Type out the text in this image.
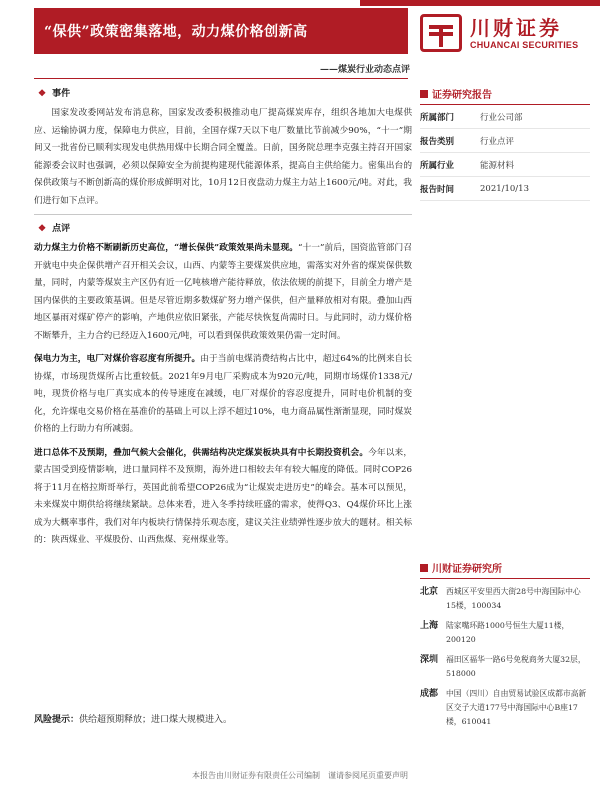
“保供”政策密集落地，动力煤价格创新高	川财证券
CHUANCAI SECURITIES
——煤炭行业动态点评
❖ 事件

国家发改委网站发布消息称，国家发改委积极推动电厂提高煤炭库存，组织各地加大电煤供应、运输协调力度，保障电力供应，目前，全国存煤7天以下电厂数量比节前减少90%，“十一”期间又一批省份已顺利实现发电供热用煤中长期合同全覆盖。日前，国务院总理李克强主持召开国家能源委会议时也强调，必须以保障安全为前提构建现代能源体系，提高自主供给能力。密集出台的保供政策与不断创新高的煤价形成鲜明对比，10月12日夜盘动力煤主力站上1600元/吨。对此，我们进行如下点评。

❖ 点评

动力煤主力价格不断刷新历史高位，“增长保供”政策效果尚未显现。“十一”前后，国资监管部门召开就电中央企保供增产召开相关会议，山西、内蒙等主要煤炭供应地，需落实对外省的煤炭保供数量，同时，内蒙等煤炭主产区仍有近一亿吨核增产能待释放，依法依规的前提下，目前全力增产是国内保供的主要政策基调。但是尽管近期多数煤矿努力增产保供，但产量释放相对有限。叠加山西地区暴雨对煤矿停产的影响，产地供应依旧紧张，产能尽快恢复尚需时日。与此同时，动力煤价格不断攀升，主力合约已经迈入1600元/吨，可以看到保供政策效果仍需一定时间。

保电力为主，电厂对煤价容忍度有所提升。由于当前电煤消费结构占比中，超过64%的比例来自长协煤，市场现货煤所占比重较低。2021年9月电厂采购成本为920元/吨，同期市场煤价1338元/吨，现货价格与电厂真实成本的传导速度在减缓，电厂对煤价的容忍度提升，同时电价机制的变化，允许煤电交易价格在基准价的基础上可以上浮不超过10%，电力商品属性渐渐显现，同时煤炭价格的上行助力有所减弱。

进口总体不及预期，叠加气候大会催化，供需结构决定煤炭板块具有中长期投资机会。今年以来，蒙古国受到疫情影响，进口量同样不及预期，海外进口相较去年有较大幅度的降低。同时COP26将于11月在格拉斯哥举行，英国此前希望COP26成为“让煤炭走进历史”的峰会。基本可以预见，未来煤炭中期供给将继续紧缺。总体来看，进入冬季持续旺盛的需求，使得Q3、Q4煤价环比上涨成为大概率事件，我们对年内板块行情保持乐观态度，建议关注业绩弹性逐步放大的题材。相关标的：陕西煤业、平煤股份、山西焦煤、兖州煤业等。

风险提示：供给超预期释放；进口煤大规模进入。
证券研究报告
所属部门	行业公司部
报告类别	行业点评
所属行业	能源材料
报告时间	2021/10/13
川财证券研究所
北京	西城区平安里西大街28号中海国际中心15楼，100034
上海	陆家嘴环路1000号恒生大厦11楼，200120
深圳	福田区福华一路6号免税商务大厦32层，518000
成都	中国（四川）自由贸易试验区成都市高新区交子大道177号中海国际中心B座17楼，610041
本报告由川财证券有限责任公司编制　谨请参阅尾页重要声明
